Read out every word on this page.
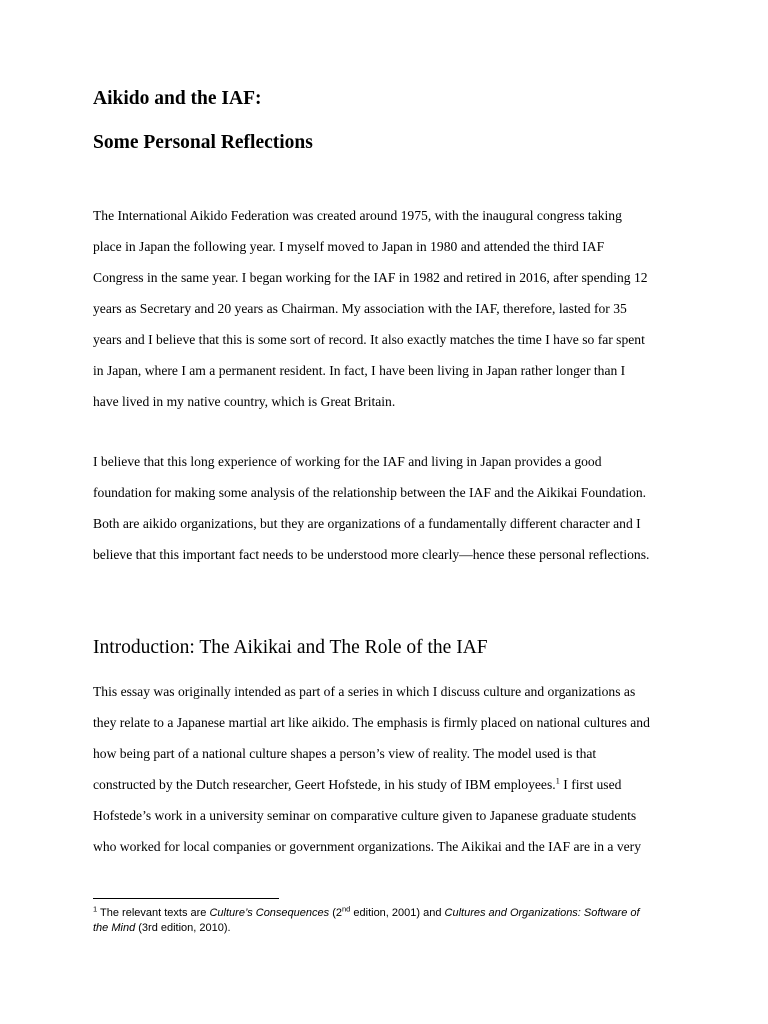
Aikido and the IAF:
Some Personal Reflections

The International Aikido Federation was created around 1975, with the inaugural congress taking
place in Japan the following year. I myself moved to Japan in 1980 and attended the third IAF
Congress in the same year. I began working for the IAF in 1982 and retired in 2016, after spending 12
years as Secretary and 20 years as Chairman. My association with the IAF, therefore, lasted for 35
years and I believe that this is some sort of record. It also exactly matches the time I have so far spent
in Japan, where I am a permanent resident. In fact, I have been living in Japan rather longer than I
have lived in my native country, which is Great Britain.

I believe that this long experience of working for the IAF and living in Japan provides a good
foundation for making some analysis of the relationship between the IAF and the Aikikai Foundation.
Both are aikido organizations, but they are organizations of a fundamentally different character and I
believe that this important fact needs to be understood more clearly—hence these personal reflections.

Introduction: The Aikikai and The Role of the IAF

This essay was originally intended as part of a series in which I discuss culture and organizations as
they relate to a Japanese martial art like aikido. The emphasis is firmly placed on national cultures and
how being part of a national culture shapes a person’s view of reality. The model used is that
constructed by the Dutch researcher, Geert Hofstede, in his study of IBM employees.$^1$ I first used
Hofstede’s work in a university seminar on comparative culture given to Japanese graduate students
who worked for local companies or government organizations. The Aikikai and the IAF are in a very

$^1$ The relevant texts are Culture’s Consequences (2nd edition, 2001) and Cultures and Organizations: Software of
the Mind (3rd edition, 2010).
